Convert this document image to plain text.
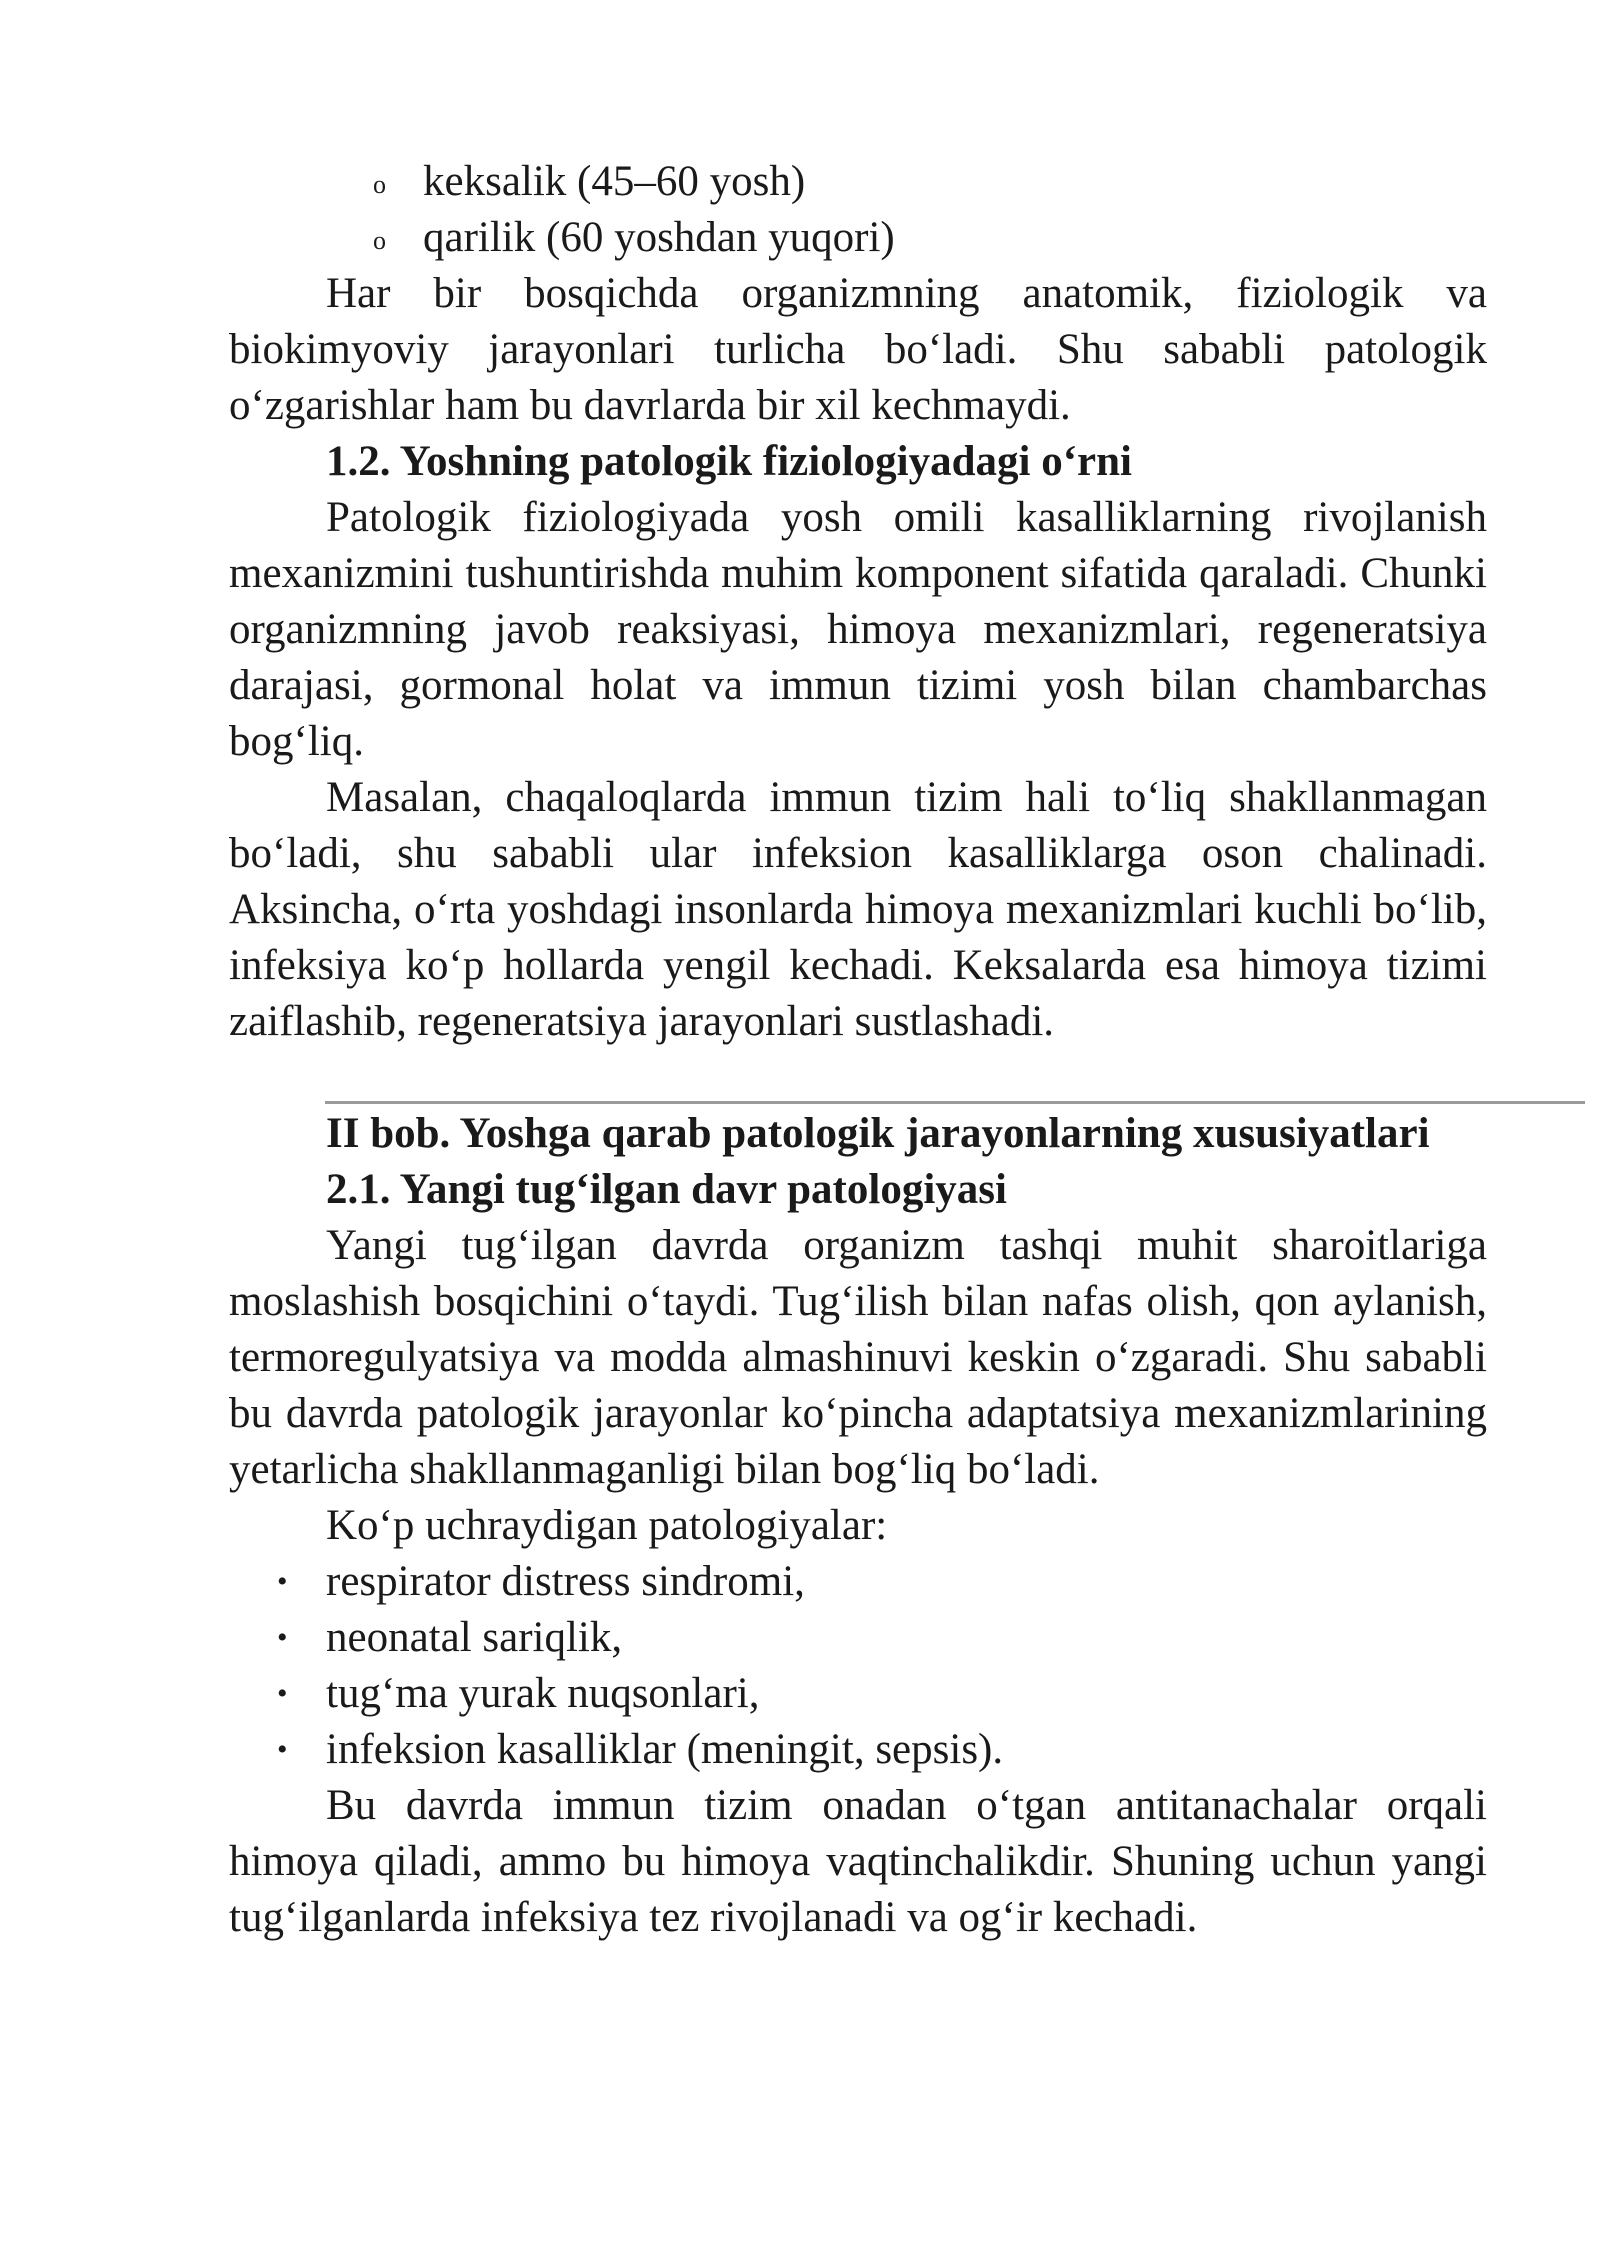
o keksalik (45–60 yosh)
o qarilik (60 yoshdan yuqori)

Har bir bosqichda organizmning anatomik, fiziologik va biokimyoviy jarayonlari turlicha bo‘ladi. Shu sababli patologik o‘zgarishlar ham bu davrlarda bir xil kechmaydi.

1.2. Yoshning patologik fiziologiyadagi o‘rni

Patologik fiziologiyada yosh omili kasalliklarning rivojlanish mexanizmini tushuntirishda muhim komponent sifatida qaraladi. Chunki organizmning javob reaksiyasi, himoya mexanizmlari, regeneratsiya darajasi, gormonal holat va immun tizimi yosh bilan chambarchas bog‘liq.

Masalan, chaqaloqlarda immun tizim hali to‘liq shakllanmagan bo‘ladi, shu sababli ular infeksion kasalliklarga oson chalinadi. Aksincha, o‘rta yoshdagi insonlarda himoya mexanizmlari kuchli bo‘lib, infeksiya ko‘p hollarda yengil kechadi. Keksalarda esa himoya tizimi zaiflashib, regeneratsiya jarayonlari sustlashadi.

II bob. Yoshga qarab patologik jarayonlarning xususiyatlari
2.1. Yangi tug‘ilgan davr patologiyasi

Yangi tug‘ilgan davrda organizm tashqi muhit sharoitlariga moslashish bosqichini o‘taydi. Tug‘ilish bilan nafas olish, qon aylanish, termoregulyatsiya va modda almashinuvi keskin o‘zgaradi. Shu sababli bu davrda patologik jarayonlar ko‘pincha adaptatsiya mexanizmlarining yetarlicha shakllanmaganligi bilan bog‘liq bo‘ladi.

Ko‘p uchraydigan patologiyalar:

• respirator distress sindromi,
• neonatal sariqlik,
• tug‘ma yurak nuqsonlari,
• infeksion kasalliklar (meningit, sepsis).

Bu davrda immun tizim onadan o‘tgan antitanachalar orqali himoya qiladi, ammo bu himoya vaqtinchalikdir. Shuning uchun yangi tug‘ilganlarda infeksiya tez rivojlanadi va og‘ir kechadi.
